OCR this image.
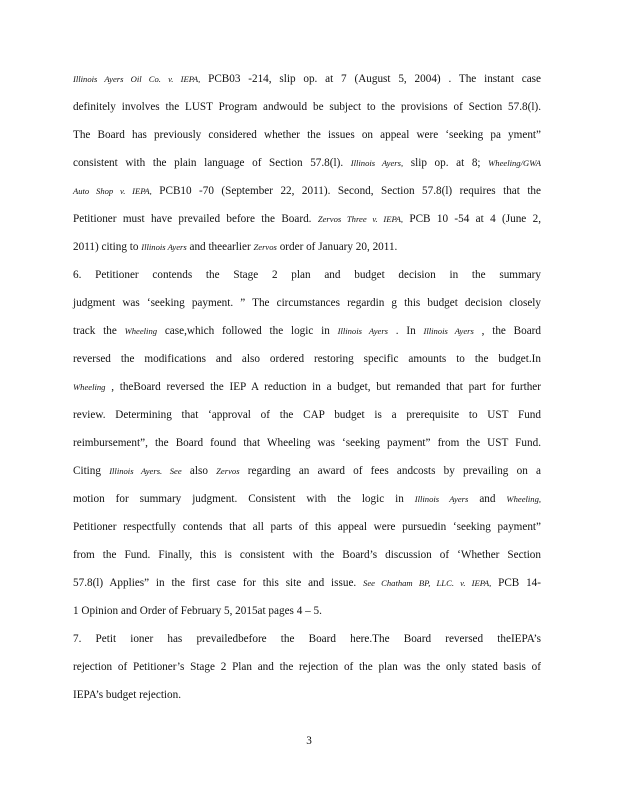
Illinois Ayers Oil Co. v. IEPA, PCB03 -214, slip op. at 7 (August 5, 2004) . The instant case
definitely involves the LUST Program andwould be subject to the provisions of Section 57.8(l).
The Board has previously considered whether the issues on appeal were ‘seeking pa yment”
consistent with the plain language of Section 57.8(l). Illinois Ayers, slip op. at 8; Wheeling/GWA
Auto Shop v. IEPA, PCB10 -70 (September 22, 2011). Second, Section 57.8(l) requires that the
Petitioner must have prevailed before the Board. Zervos Three v. IEPA, PCB 10 -54 at 4 (June 2,
2011) citing to Illinois Ayers and theearlier Zervos order of January 20, 2011.
6. Petitioner contends the Stage 2 plan and budget decision in the summary
judgment was ‘seeking payment. ” The circumstances regardin g this budget decision closely
track the Wheeling case,which followed the logic in Illinois Ayers . In Illinois Ayers , the Board
reversed the modifications and also ordered restoring specific amounts to the budget.In
Wheeling , theBoard reversed the IEP A reduction in a budget, but remanded that part for further
review. Determining that ‘approval of the CAP budget is a prerequisite to UST Fund
reimbursement”, the Board found that Wheeling was ‘seeking payment” from the UST Fund.
Citing Illinois Ayers. See also Zervos regarding an award of fees andcosts by prevailing on a
motion for summary judgment. Consistent with the logic in Illinois Ayers and Wheeling,
Petitioner respectfully contends that all parts of this appeal were pursuedin ‘seeking payment”
from the Fund. Finally, this is consistent with the Board’s discussion of ‘Whether Section
57.8(l) Applies” in the first case for this site and issue. See Chatham BP, LLC. v. IEPA, PCB 14-
1 Opinion and Order of February 5, 2015at pages 4 – 5.
7. Petit ioner has prevailedbefore the Board here.The Board reversed theIEPA’s
rejection of Petitioner’s Stage 2 Plan and the rejection of the plan was the only stated basis of
IEPA’s budget rejection.
3
